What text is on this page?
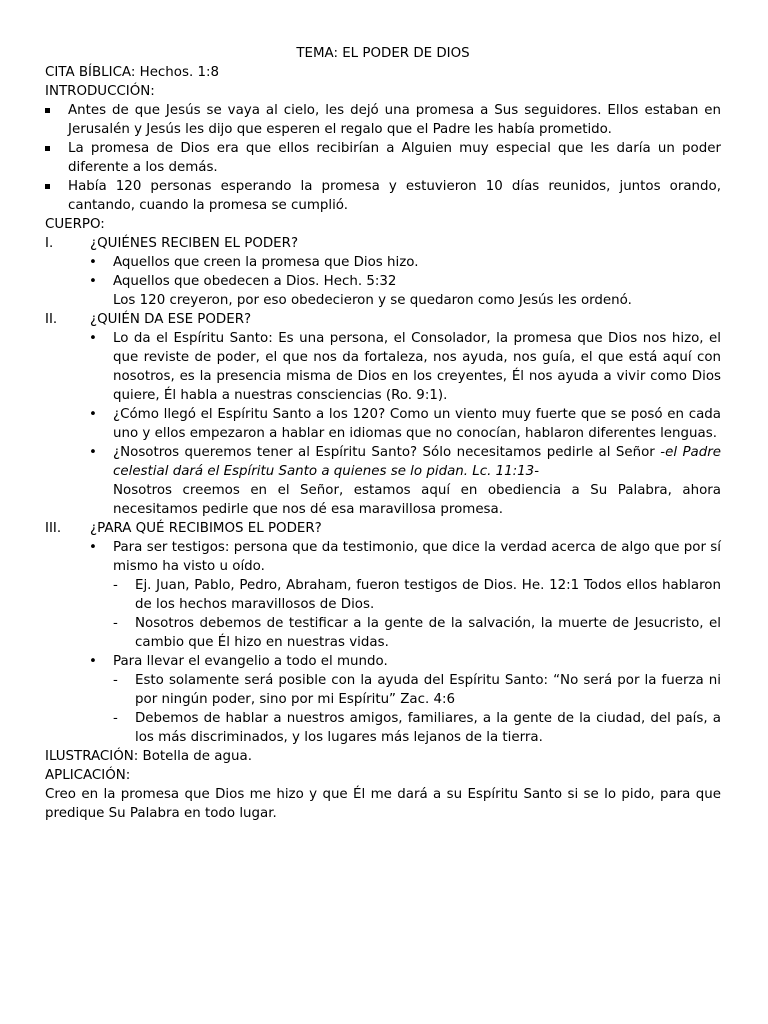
TEMA: EL PODER DE DIOS

CITA BÍBLICA: Hechos. 1:8

INTRODUCCIÓN:

Antes de que Jesús se vaya al cielo, les dejó una promesa a Sus seguidores. Ellos estaban en Jerusalén y Jesús les dijo que esperen el regalo que el Padre les había prometido.

La promesa de Dios era que ellos recibirían a Alguien muy especial que les daría un poder diferente a los demás.

Había 120 personas esperando la promesa y estuvieron 10 días reunidos, juntos orando, cantando, cuando la promesa se cumplió.

CUERPO:

I.	¿QUIÉNES RECIBEN EL PODER?

• Aquellos que creen la promesa que Dios hizo.

• Aquellos que obedecen a Dios. Hech. 5:32

Los 120 creyeron, por eso obedecieron y se quedaron como Jesús les ordenó.

II. ¿QUIÉN DA ESE PODER?

• Lo da el Espíritu Santo: Es una persona, el Consolador, la promesa que Dios nos hizo, el que reviste de poder, el que nos da fortaleza, nos ayuda, nos guía, el que está aquí con nosotros, es la presencia misma de Dios en los creyentes, Él nos ayuda a vivir como Dios quiere, Él habla a nuestras consciencias (Ro. 9:1).

• ¿Cómo llegó el Espíritu Santo a los 120? Como un viento muy fuerte que se posó en cada uno y ellos empezaron a hablar en idiomas que no conocían, hablaron diferentes lenguas.

• ¿Nosotros queremos tener al Espíritu Santo? Sólo necesitamos pedirle al Señor -el Padre celestial dará el Espíritu Santo a quienes se lo pidan. Lc. 11:13-

Nosotros creemos en el Señor, estamos aquí en obediencia a Su Palabra, ahora necesitamos pedirle que nos dé esa maravillosa promesa.

III. ¿PARA QUÉ RECIBIMOS EL PODER?

• Para ser testigos: persona que da testimonio, que dice la verdad acerca de algo que por sí mismo ha visto u oído.

- Ej. Juan, Pablo, Pedro, Abraham, fueron testigos de Dios. He. 12:1 Todos ellos hablaron de los hechos maravillosos de Dios.

- Nosotros debemos de testificar a la gente de la salvación, la muerte de Jesucristo, el cambio que Él hizo en nuestras vidas.

• Para llevar el evangelio a todo el mundo.

- Esto solamente será posible con la ayuda del Espíritu Santo: “No será por la fuerza ni por ningún poder, sino por mi Espíritu” Zac. 4:6

- Debemos de hablar a nuestros amigos, familiares, a la gente de la ciudad, del país, a los más discriminados, y los lugares más lejanos de la tierra.

ILUSTRACIÓN: Botella de agua.

APLICACIÓN:

Creo en la promesa que Dios me hizo y que Él me dará a su Espíritu Santo si se lo pido, para que predique Su Palabra en todo lugar.
